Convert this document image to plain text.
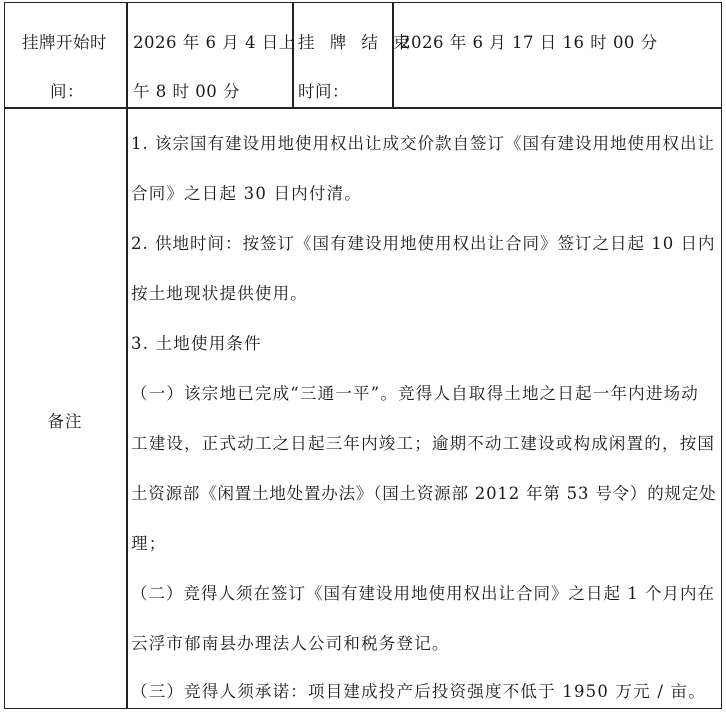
挂牌开始时
间：
2026 年 6 月 4 日上
午 8 时 00 分
挂 牌 结 束
时间：
2026 年 6 月 17 日 16 时 00 分
备注
1. 该宗国有建设用地使用权出让成交价款自签订《国有建设用地使用权出让
合同》之日起 30 日内付清。
2. 供地时间：按签订《国有建设用地使用权出让合同》签订之日起 10 日内
按土地现状提供使用。
3. 土地使用条件
（一）该宗地已完成“三通一平”。竞得人自取得土地之日起一年内进场动
工建设，正式动工之日起三年内竣工；逾期不动工建设或构成闲置的，按国
土资源部《闲置土地处置办法》（国土资源部 2012 年第 53 号令）的规定处
理；
（二）竞得人须在签订《国有建设用地使用权出让合同》之日起 1 个月内在
云浮市郁南县办理法人公司和税务登记。
（三）竞得人须承诺：项目建成投产后投资强度不低于 1950 万元 / 亩。
